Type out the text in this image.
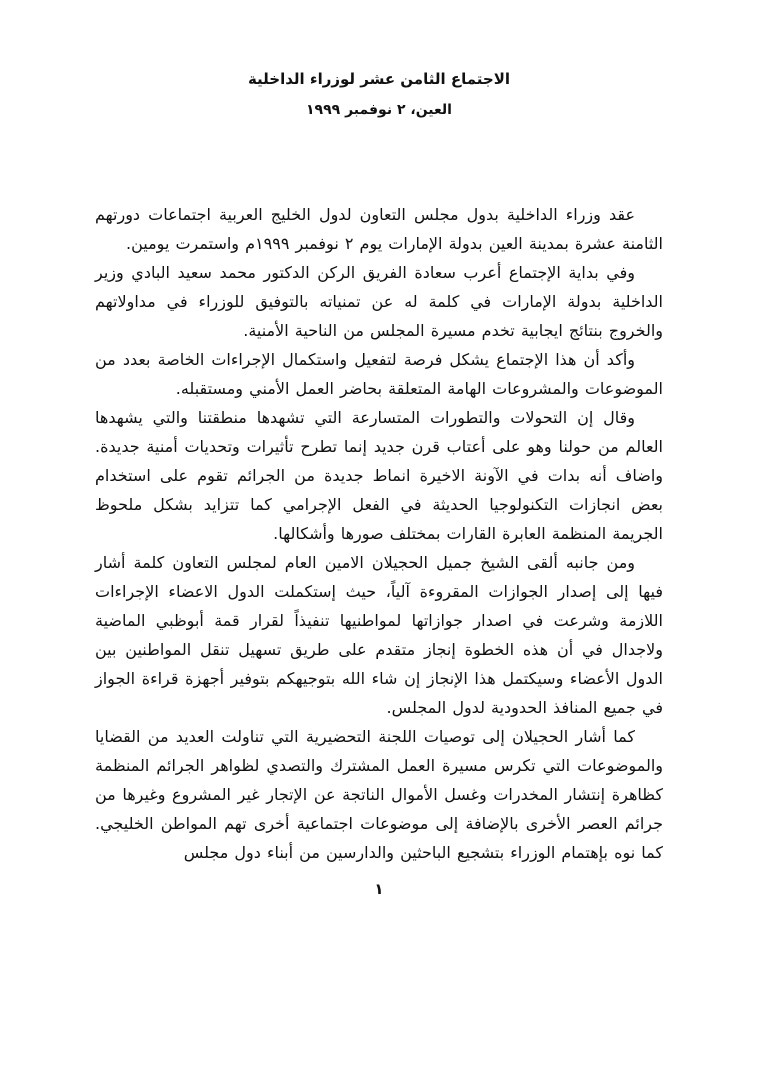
الاجتماع الثامن عشر لوزراء الداخلية
العين، ٢ نوفمبر ١٩٩٩

عقد وزراء الداخلية بدول مجلس التعاون لدول الخليج العربية اجتماعات دورتهم الثامنة عشرة بمدينة العين بدولة الإمارات يوم ٢ نوفمبر ١٩٩٩م واستمرت يومين.

وفي بداية الإجتماع أعرب سعادة الفريق الركن الدكتور محمد سعيد البادي وزير الداخلية بدولة الإمارات في كلمة له عن تمنياته بالتوفيق للوزراء في مداولاتهم والخروج بنتائج ايجابية تخدم مسيرة المجلس من الناحية الأمنية.

وأكد أن هذا الإجتماع يشكل فرصة لتفعيل واستكمال الإجراءات الخاصة بعدد من الموضوعات والمشروعات الهامة المتعلقة بحاضر العمل الأمني ومستقبله.

وقال إن التحولات والتطورات المتسارعة التي تشهدها منطقتنا والتي يشهدها العالم من حولنا وهو على أعتاب قرن جديد إنما تطرح تأثيرات وتحديات أمنية جديدة. واضاف أنه بدات في الآونة الاخيرة انماط جديدة من الجرائم تقوم على استخدام بعض انجازات التكنولوجيا الحديثة في الفعل الإجرامي كما تتزايد بشكل ملحوظ الجريمة المنظمة العابرة القارات بمختلف صورها وأشكالها.

ومن جانبه ألقى الشيخ جميل الحجيلان الامين العام لمجلس التعاون كلمة أشار فيها إلى إصدار الجوازات المقروءة آلياً، حيث إستكملت الدول الاعضاء الإجراءات اللازمة وشرعت في اصدار جوازاتها لمواطنيها تنفيذاً لقرار قمة أبوظبي الماضية ولاجدال في أن هذه الخطوة إنجاز متقدم على طريق تسهيل تنقل المواطنين بين الدول الأعضاء وسيكتمل هذا الإنجاز إن شاء الله بتوجيهكم بتوفير أجهزة قراءة الجواز في جميع المنافذ الحدودية لدول المجلس.

كما أشار الحجيلان إلى توصيات اللجنة التحضيرية التي تناولت العديد من القضايا والموضوعات التي تكرس مسيرة العمل المشترك والتصدي لظواهر الجرائم المنظمة كظاهرة إنتشار المخدرات وغسل الأموال الناتجة عن الإتجار غير المشروع وغيرها من جرائم العصر الأخرى بالإضافة إلى موضوعات اجتماعية أخرى تهم المواطن الخليجي. كما نوه بإهتمام الوزراء بتشجيع الباحثين والدارسين من أبناء دول مجلس

١
